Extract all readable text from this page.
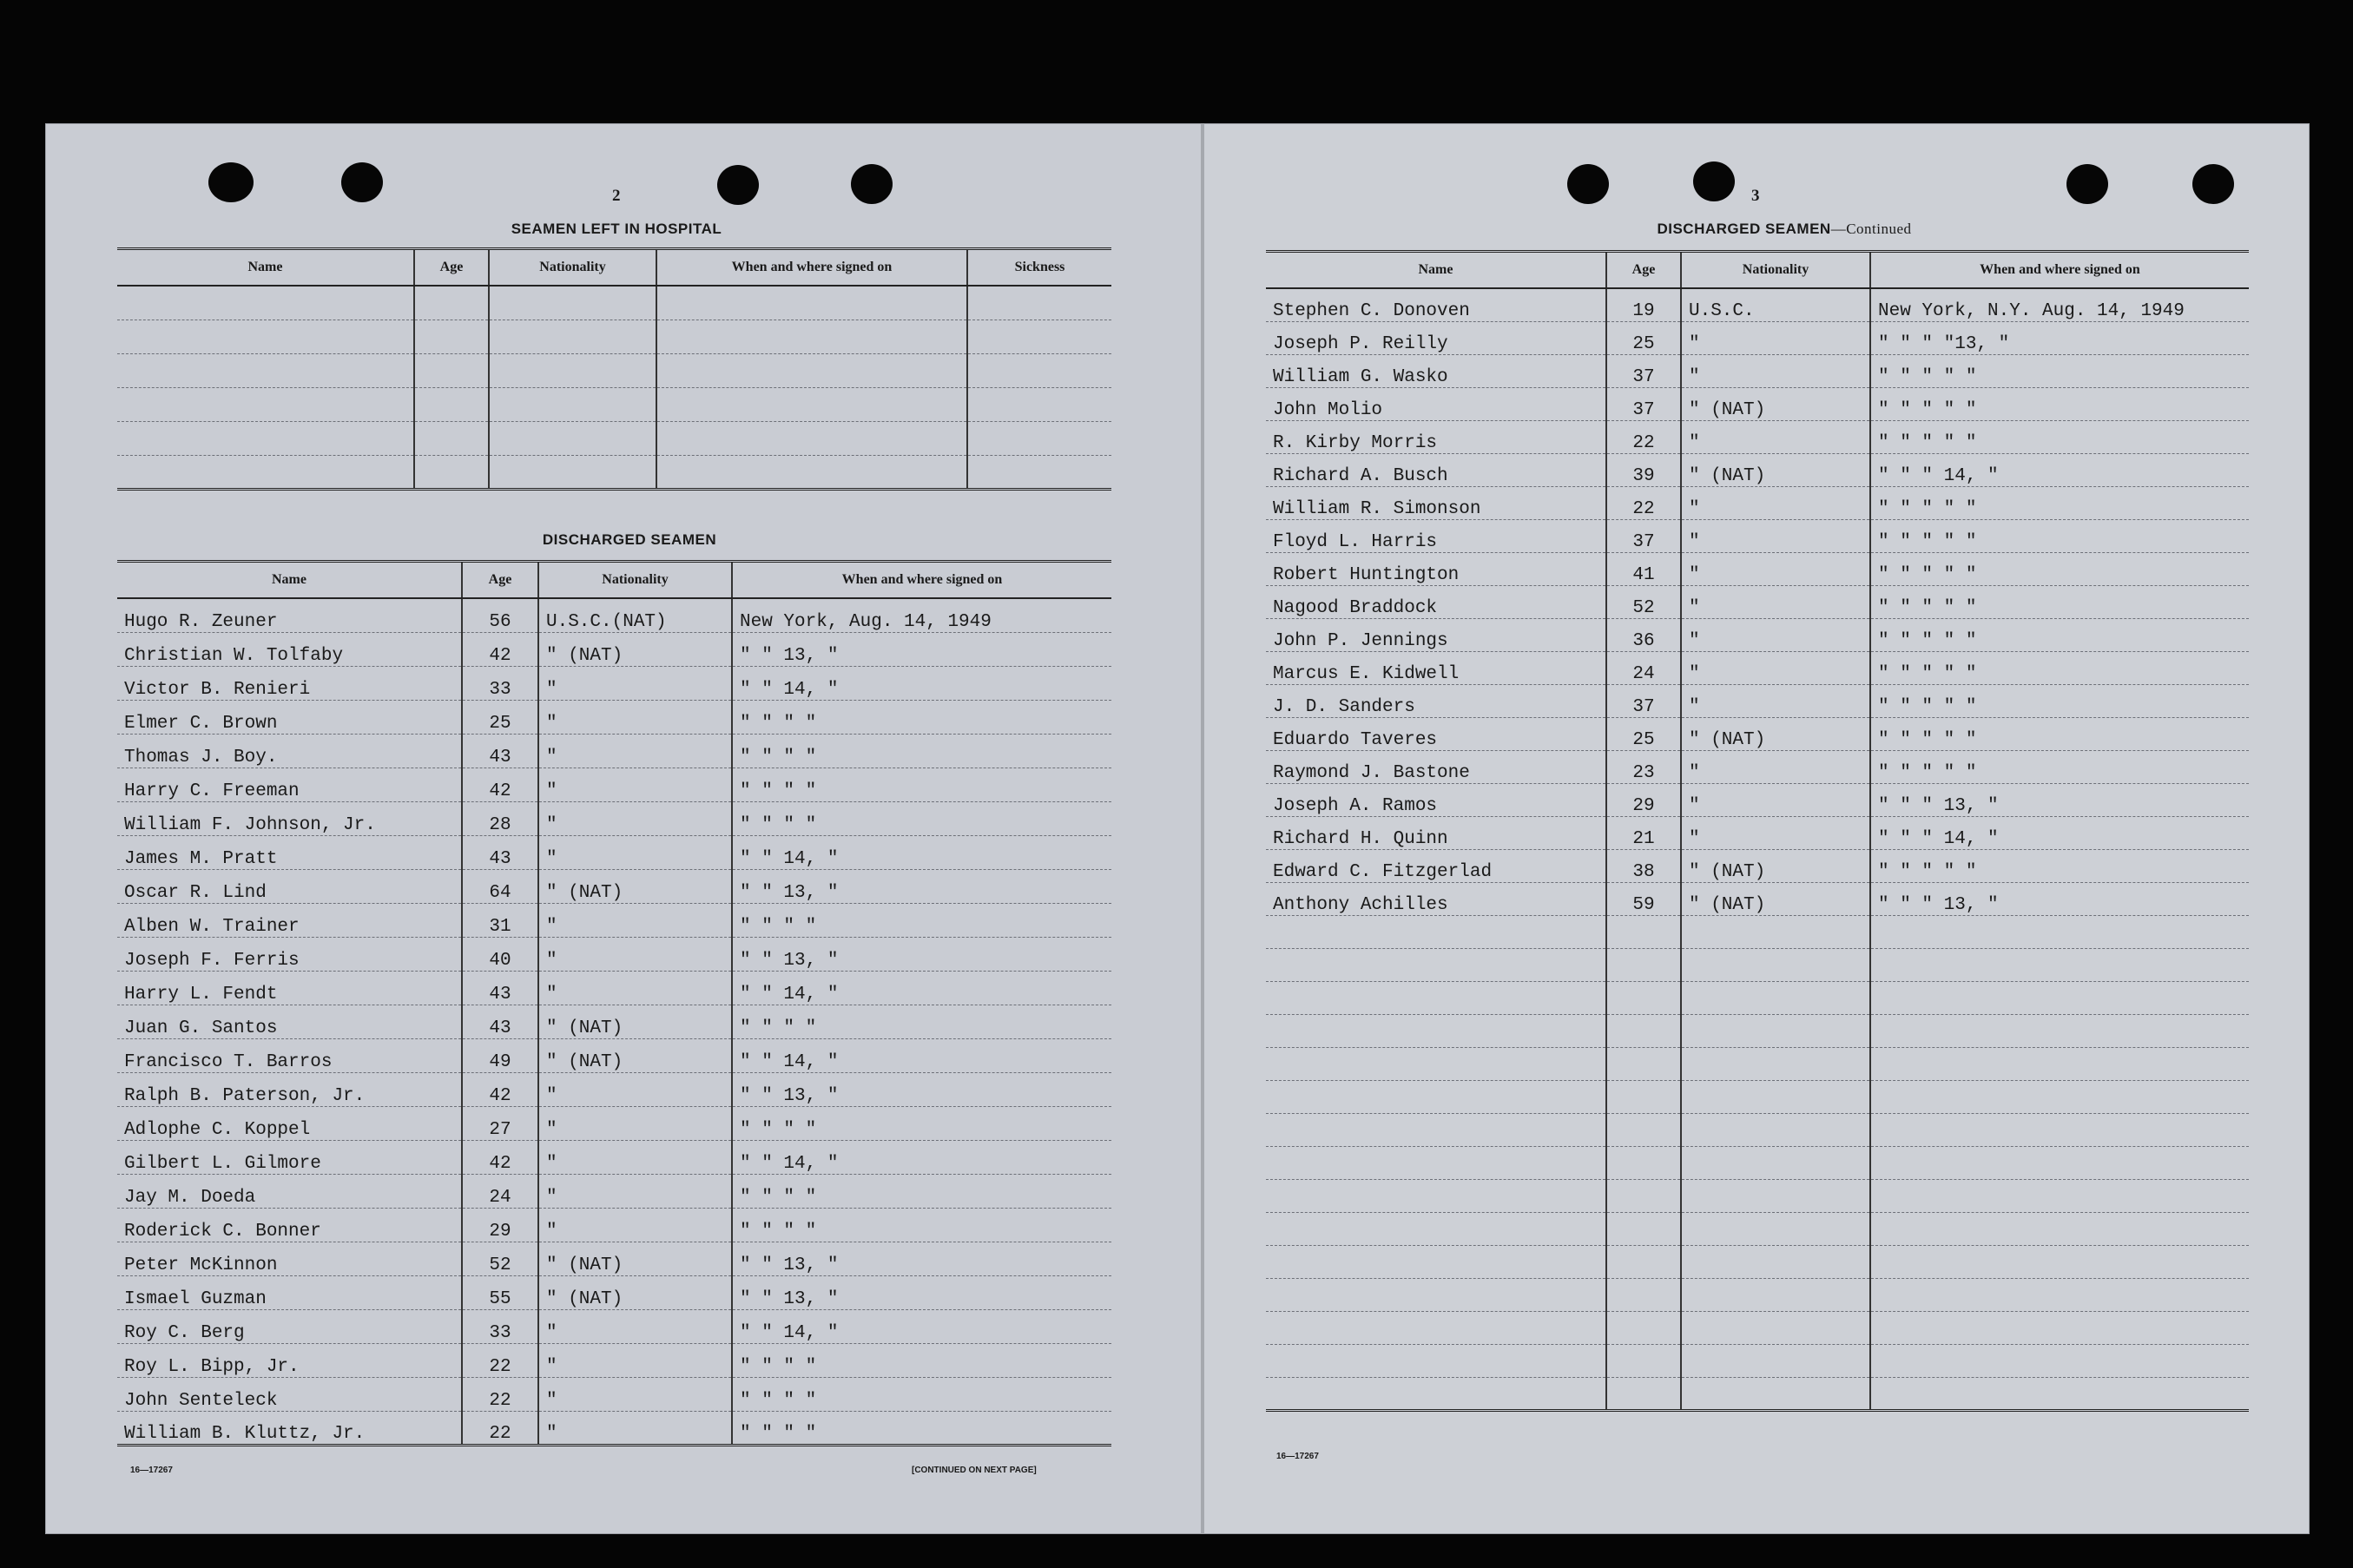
2
SEAMEN LEFT IN HOSPITAL
Name	Age	Nationality	When and where signed on	Sickness

DISCHARGED SEAMEN
Name	Age	Nationality	When and where signed on
Hugo R. Zeuner	56	U.S.C.(NAT)	New York, Aug. 14, 1949
Christian W. Tolfaby	42	" (NAT)	" " 13, "
Victor B. Renieri	33	"	" " 14, "
Elmer C. Brown	25	"	" " " "
Thomas J. Boy.	43	"	" " " "
Harry C. Freeman	42	"	" " " "
William F. Johnson, Jr.	28	"	" " " "
James M. Pratt	43	"	" " 14, "
Oscar R. Lind	64	" (NAT)	" " 13, "
Alben W. Trainer	31	"	" " " "
Joseph F. Ferris	40	"	" " 13, "
Harry L. Fendt	43	"	" " 14, "
Juan G. Santos	43	" (NAT)	" " " "
Francisco T. Barros	49	" (NAT)	" " 14, "
Ralph B. Paterson, Jr.	42	"	" " 13, "
Adlophe C. Koppel	27	"	" " " "
Gilbert L. Gilmore	42	"	" " 14, "
Jay M. Doeda	24	"	" " " "
Roderick C. Bonner	29	"	" " " "
Peter McKinnon	52	" (NAT)	" " 13, "
Ismael Guzman	55	" (NAT)	" " 13, "
Roy C. Berg	33	"	" " 14, "
Roy L. Bipp, Jr.	22	"	" " " "
John Senteleck	22	"	" " " "
William B. Kluttz, Jr.	22	"	" " " "
16—17267	[CONTINUED ON NEXT PAGE]
3
DISCHARGED SEAMEN—Continued
Name	Age	Nationality	When and where signed on
Stephen C. Donoven	19	U.S.C.	New York, N.Y. Aug. 14, 1949
Joseph P. Reilly	25	"	" " " "13, "
William G. Wasko	37	"	" " " " "
John Molio	37	" (NAT)	" " " " "
R. Kirby Morris	22	"	" " " " "
Richard A. Busch	39	" (NAT)	" " " 14, "
William R. Simonson	22	"	" " " " "
Floyd L. Harris	37	"	" " " " "
Robert Huntington	41	"	" " " " "
Nagood Braddock	52	"	" " " " "
John P. Jennings	36	"	" " " " "
Marcus E. Kidwell	24	"	" " " " "
J. D. Sanders	37	"	" " " " "
Eduardo Taveres	25	" (NAT)	" " " " "
Raymond J. Bastone	23	"	" " " " "
Joseph A. Ramos	29	"	" " " 13, "
Richard H. Quinn	21	"	" " " 14, "
Edward C. Fitzgerlad	38	" (NAT)	" " " " "
Anthony Achilles	59	" (NAT)	" " " 13, "

16—17267
